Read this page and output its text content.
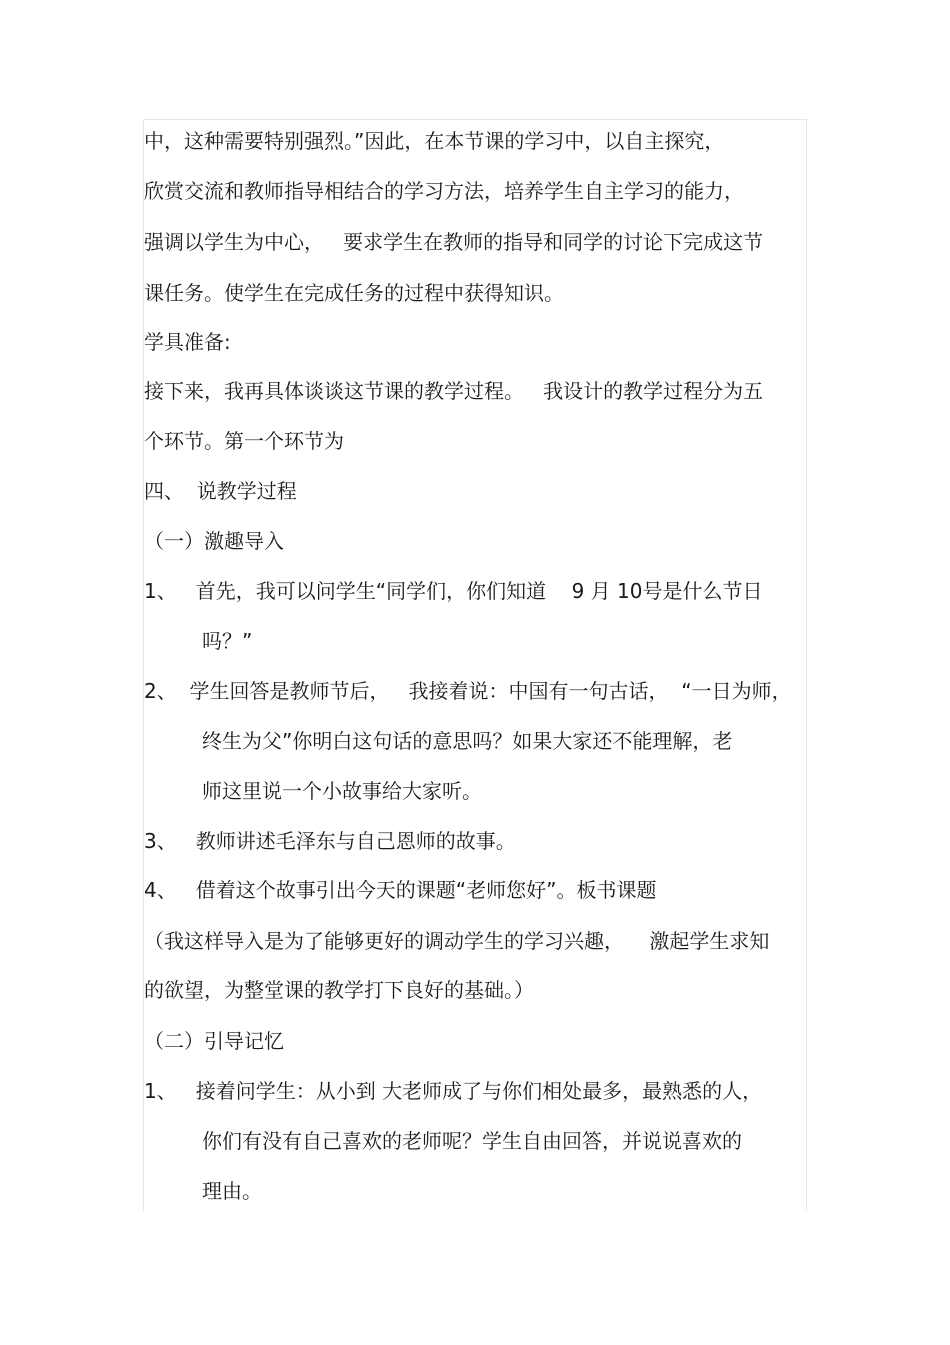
中，这种需要特别强烈。”因此，在本节课的学习中，以自主探究，
欣赏交流和教师指导相结合的学习方法，培养学生自主学习的能力，
强调以学生为中心，   要求学生在教师的指导和同学的讨论下完成这节
课任务。使学生在完成任务的过程中获得知识。
学具准备:
接下来，我再具体谈谈这节课的教学过程。   我设计的教学过程分为五
个环节。第一个环节为
四、  说教学过程
（一）激趣导入
1、   首先，我可以问学生“同学们，你们知道    9 月 10号是什么节日
吗？”
2、  学生回答是教师节后，   我接着说：中国有一句古话，  “一日为师，
终生为父”你明白这句话的意思吗？如果大家还不能理解，老
师这里说一个小故事给大家听。
3、   教师讲述毛泽东与自己恩师的故事。
4、   借着这个故事引出今天的课题“老师您好”。板书课题
（我这样导入是为了能够更好的调动学生的学习兴趣，    激起学生求知
的欲望，为整堂课的教学打下良好的基础。）
（二）引导记忆
1、   接着问学生：从小到 大老师成了与你们相处最多，最熟悉的人，
你们有没有自己喜欢的老师呢？学生自由回答，并说说喜欢的
理由。
